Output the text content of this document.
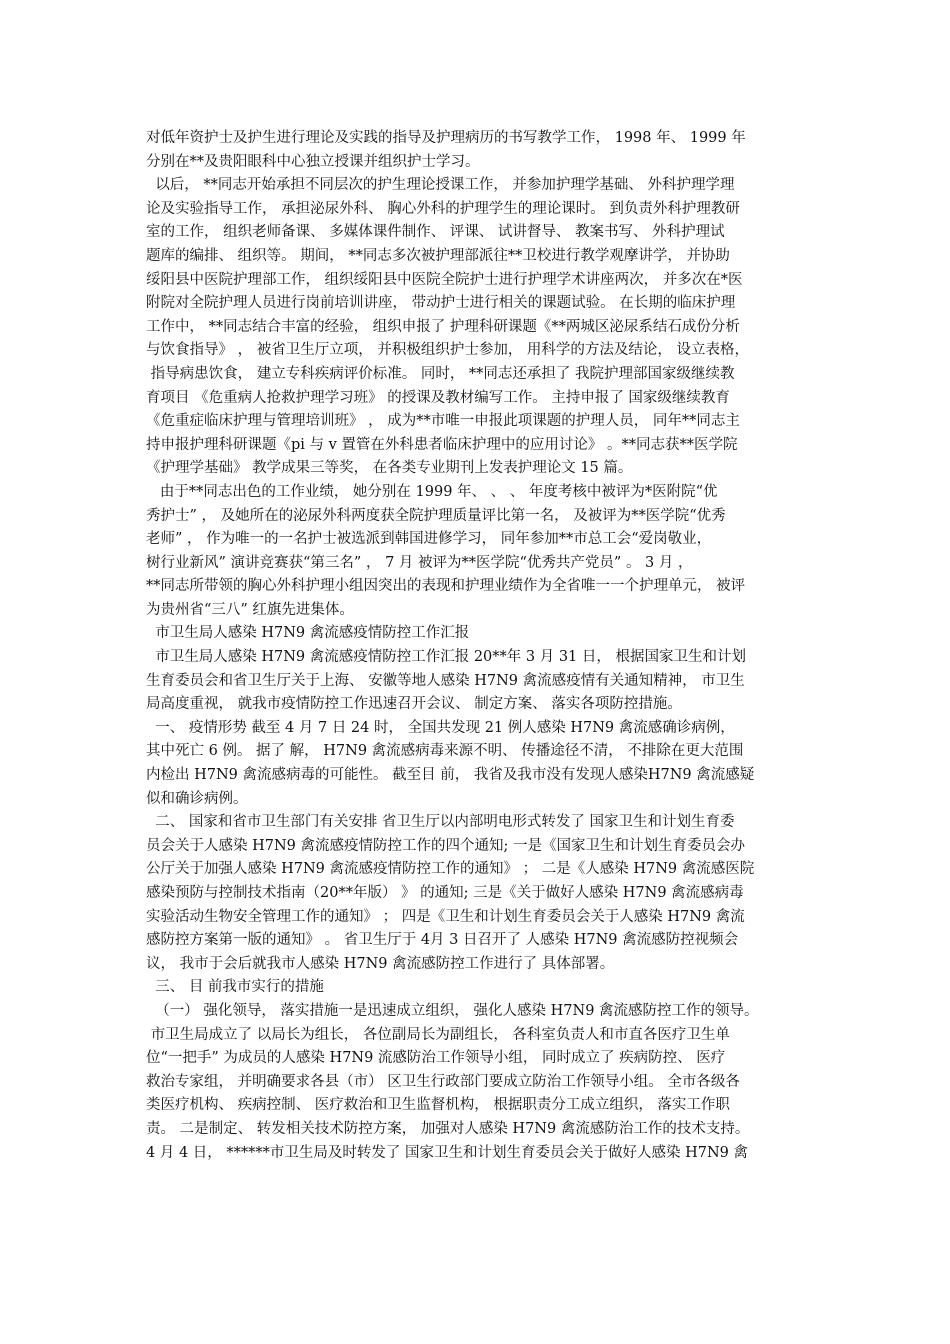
对低年资护士及护生进行理论及实践的指导及护理病历的书写教学工作， 1998 年、 1999 年
分别在**及贵阳眼科中心独立授课并组织护士学习。
以后， **同志开始承担不同层次的护生理论授课工作， 并参加护理学基础、 外科护理学理
论及实验指导工作， 承担泌尿外科、 胸心外科的护理学生的理论课时。 到负责外科护理教研
室的工作， 组织老师备课、 多媒体课件制作、 评课、 试讲督导、 教案书写、 外科护理试
题库的编排、 组织等。 期间， **同志多次被护理部派往**卫校进行教学观摩讲学， 并协助
绥阳县中医院护理部工作， 组织绥阳县中医院全院护士进行护理学术讲座两次， 并多次在*医
附院对全院护理人员进行岗前培训讲座， 带动护士进行相关的课题试验。 在长期的临床护理
工作中， **同志结合丰富的经验， 组织申报了 护理科研课题《**两城区泌尿系结石成份分析
与饮食指导》 ， 被省卫生厅立项， 并积极组织护士参加， 用科学的方法及结论， 设立表格，
指导病患饮食， 建立专科疾病评价标准。 同时， **同志还承担了 我院护理部国家级继续教
育项目 《危重病人抢救护理学习班》 的授课及教材编写工作。 主持申报了 国家级继续教育
《危重症临床护理与管理培训班》 ， 成为**市唯一申报此项课题的护理人员， 同年**同志主
持申报护理科研课题《pi 与 v 置管在外科患者临床护理中的应用讨论》 。**同志获**医学院
《护理学基础》 教学成果三等奖， 在各类专业期刊上发表护理论文 15 篇。
由于**同志出色的工作业绩， 她分别在 1999 年、 、 、 年度考核中被评为*医附院“优
秀护士” ， 及她所在的泌尿外科两度获全院护理质量评比第一名， 及被评为**医学院“优秀
老师” ， 作为唯一的一名护士被选派到韩国进修学习， 同年参加**市总工会“爱岗敬业，
树行业新风” 演讲竞赛获“第三名” ， 7 月 被评为**医学院“优秀共产党员” 。 3 月 ，
**同志所带领的胸心外科护理小组因突出的表现和护理业绩作为全省唯一一个护理单元， 被评
为贵州省“三八” 红旗先进集体。
市卫生局人感染 H7N9 禽流感疫情防控工作汇报
市卫生局人感染 H7N9 禽流感疫情防控工作汇报 20**年 3 月 31 日， 根据国家卫生和计划
生育委员会和省卫生厅关于上海、 安徽等地人感染 H7N9 禽流感疫情有关通知精神， 市卫生
局高度重视， 就我市疫情防控工作迅速召开会议、 制定方案、 落实各项防控措施。
一、 疫情形势 截至 4 月 7 日 24 时， 全国共发现 21 例人感染 H7N9 禽流感确诊病例，
其中死亡 6 例。 据了 解， H7N9 禽流感病毒来源不明、 传播途径不清， 不排除在更大范围
内检出 H7N9 禽流感病毒的可能性。 截至目 前， 我省及我市没有发现人感染H7N9 禽流感疑
似和确诊病例。
二、 国家和省市卫生部门有关安排 省卫生厅以内部明电形式转发了 国家卫生和计划生育委
员会关于人感染 H7N9 禽流感疫情防控工作的四个通知; 一是《国家卫生和计划生育委员会办
公厅关于加强人感染 H7N9 禽流感疫情防控工作的通知》 ； 二是《人感染 H7N9 禽流感医院
感染预防与控制技术指南（20**年版） 》 的通知; 三是《关于做好人感染 H7N9 禽流感病毒
实验活动生物安全管理工作的通知》 ； 四是《卫生和计划生育委员会关于人感染 H7N9 禽流
感防控方案第一版的通知》 。 省卫生厅于 4月 3 日召开了 人感染 H7N9 禽流感防控视频会
议， 我市于会后就我市人感染 H7N9 禽流感防控工作进行了 具体部署。
三、 目 前我市实行的措施
（一） 强化领导， 落实措施一是迅速成立组织， 强化人感染 H7N9 禽流感防控工作的领导。
市卫生局成立了 以局长为组长， 各位副局长为副组长， 各科室负责人和市直各医疗卫生单
位“一把手” 为成员的人感染 H7N9 流感防治工作领导小组， 同时成立了 疾病防控、 医疗
救治专家组， 并明确要求各县（市） 区卫生行政部门要成立防治工作领导小组。 全市各级各
类医疗机构、 疾病控制、 医疗救治和卫生监督机构， 根据职责分工成立组织， 落实工作职
责。 二是制定、 转发相关技术防控方案， 加强对人感染 H7N9 禽流感防治工作的技术支持。
4 月 4 日， ******市卫生局及时转发了 国家卫生和计划生育委员会关于做好人感染 H7N9 禽
